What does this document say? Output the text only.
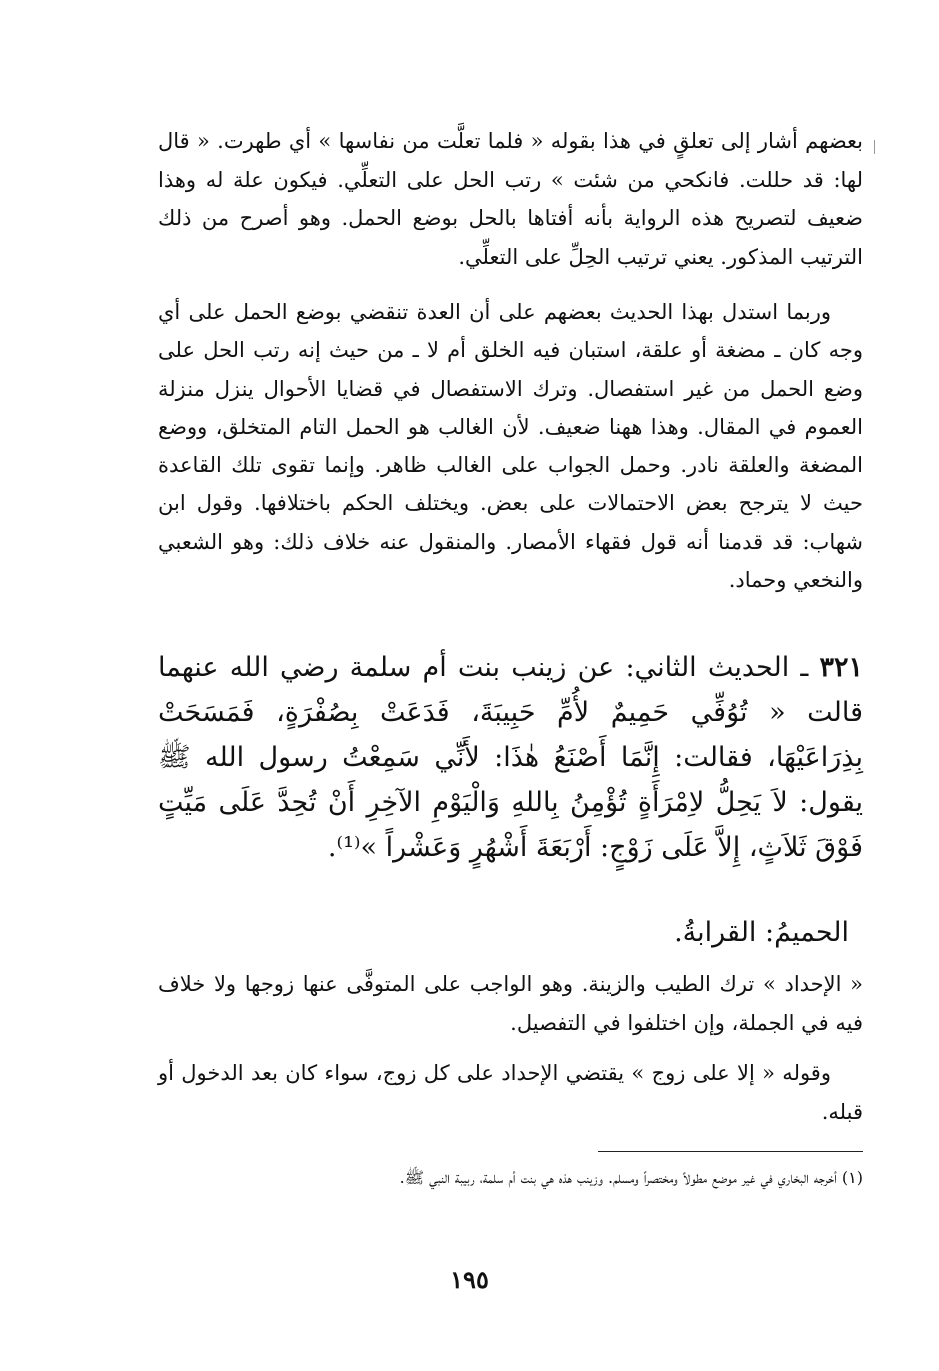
بعضهم أشار إلى تعلقٍ في هذا بقوله « فلما تعلَّت من نفاسها » أي طهرت. « قال لها: قد حللت. فانكحي من شئت » رتب الحل على التعلِّي. فيكون علة له وهذا ضعيف لتصريح هذه الرواية بأنه أفتاها بالحل بوضع الحمل. وهو أصرح من ذلك الترتيب المذكور. يعني ترتيب الحِلِّ على التعلِّي.

وربما استدل بهذا الحديث بعضهم على أن العدة تنقضي بوضع الحمل على أي وجه كان ـ مضغة أو علقة، استبان فيه الخلق أم لا ـ من حيث إنه رتب الحل على وضع الحمل من غير استفصال. وترك الاستفصال في قضايا الأحوال ينزل منزلة العموم في المقال. وهذا ههنا ضعيف. لأن الغالب هو الحمل التام المتخلق، ووضع المضغة والعلقة نادر. وحمل الجواب على الغالب ظاهر. وإنما تقوى تلك القاعدة حيث لا يترجح بعض الاحتمالات على بعض. ويختلف الحكم باختلافها. وقول ابن شهاب: قد قدمنا أنه قول فقهاء الأمصار. والمنقول عنه خلاف ذلك: وهو الشعبي والنخعي وحماد.

٣٢١ ـ الحديث الثاني: عن زينب بنت أم سلمة رضي الله عنهما قالت « تُوُفِّي حَمِيمٌ لأُمِّ حَبِيبَةَ، فَدَعَتْ بِصُفْرَةٍ، فَمَسَحَتْ بِذِرَاعَيْهَا، فقالت: إِنَّمَا أَصْنَعُ هٰذَا: لأَنِّي سَمِعْتُ رسول الله ﷺ يقول: لاَ يَحِلُّ لاِمْرَأَةٍ تُؤْمِنُ بِاللهِ وَالْيَوْمِ الآخِرِ أَنْ تُحِدَّ عَلَى مَيِّتٍ فَوْقَ ثَلاَثٍ، إِلاَّ عَلَى زَوْجٍ: أَرْبَعَةَ أَشْهُرٍ وَعَشْراً »⁽¹⁾.

الحميمُ: القرابةُ.

« الإحداد » ترك الطيب والزينة. وهو الواجب على المتوفَّى عنها زوجها ولا خلاف فيه في الجملة، وإن اختلفوا في التفصيل.

وقوله « إلا على زوج » يقتضي الإحداد على كل زوج، سواء كان بعد الدخول أو قبله.

(١) أخرجه البخاري في غير موضع مطولاً ومختصراً ومسلم. وزينب هذه هي بنت أم سلمة، ربيبة النبي ﷺ.

١٩٥
